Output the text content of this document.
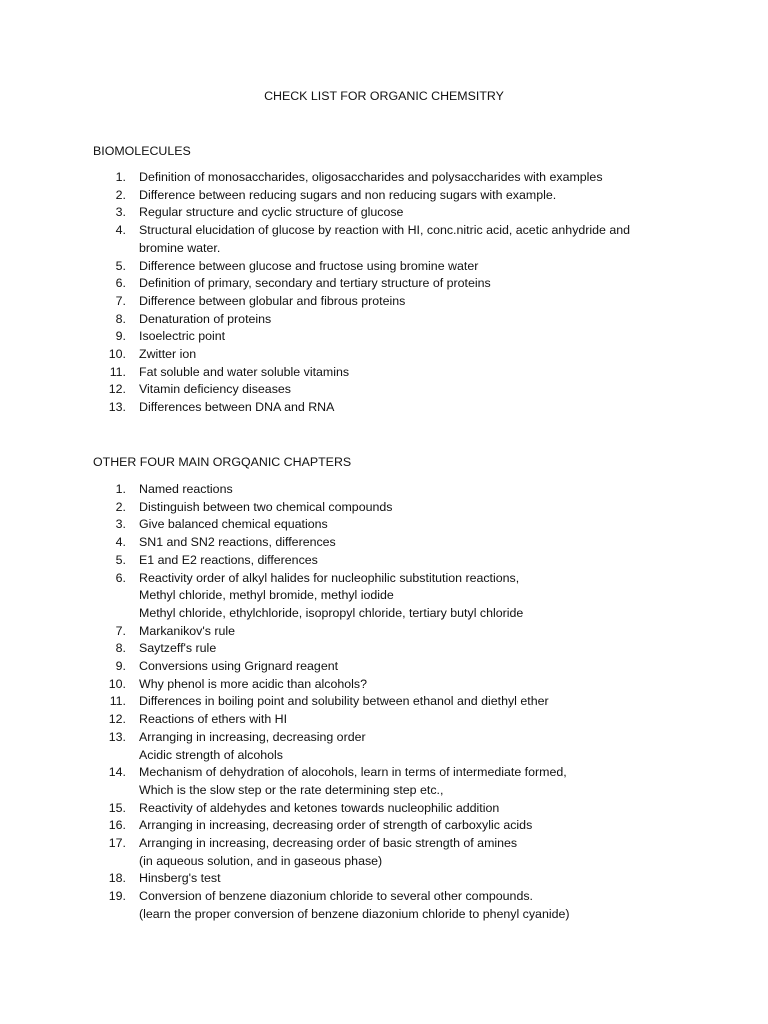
CHECK LIST FOR ORGANIC CHEMSITRY
BIOMOLECULES
1. Definition of monosaccharides, oligosaccharides and polysaccharides with examples
2. Difference between reducing sugars and non reducing sugars with example.
3. Regular structure and cyclic structure of glucose
4. Structural elucidation of glucose by reaction with HI, conc.nitric acid, acetic anhydride and
bromine water.
5. Difference between glucose and fructose using bromine water
6. Definition of primary, secondary and tertiary structure of proteins
7. Difference between globular and fibrous proteins
8. Denaturation of proteins
9. Isoelectric point
10. Zwitter ion
11. Fat soluble and water soluble vitamins
12. Vitamin deficiency diseases
13. Differences between DNA and RNA
OTHER FOUR MAIN ORGQANIC CHAPTERS
1. Named reactions
2. Distinguish between two chemical compounds
3. Give balanced chemical equations
4. SN1 and SN2 reactions, differences
5. E1 and E2 reactions, differences
6. Reactivity order of alkyl halides for nucleophilic substitution reactions,
Methyl chloride, methyl bromide, methyl iodide
Methyl chloride, ethylchloride, isopropyl chloride, tertiary butyl chloride
7. Markanikov's rule
8. Saytzeff's rule
9. Conversions using Grignard reagent
10. Why phenol is more acidic than alcohols?
11. Differences in boiling point and solubility between ethanol and diethyl ether
12. Reactions of ethers with HI
13. Arranging in increasing, decreasing order
Acidic strength of alcohols
14. Mechanism of dehydration of alocohols, learn in terms of intermediate formed,
Which is the slow step or the rate determining step etc.,
15. Reactivity of aldehydes and ketones towards nucleophilic addition
16. Arranging in increasing, decreasing order of strength of carboxylic acids
17. Arranging in increasing, decreasing order of basic strength of amines
(in aqueous solution, and in gaseous phase)
18. Hinsberg's test
19. Conversion of benzene diazonium chloride to several other compounds.
(learn the proper conversion of benzene diazonium chloride to phenyl cyanide)
